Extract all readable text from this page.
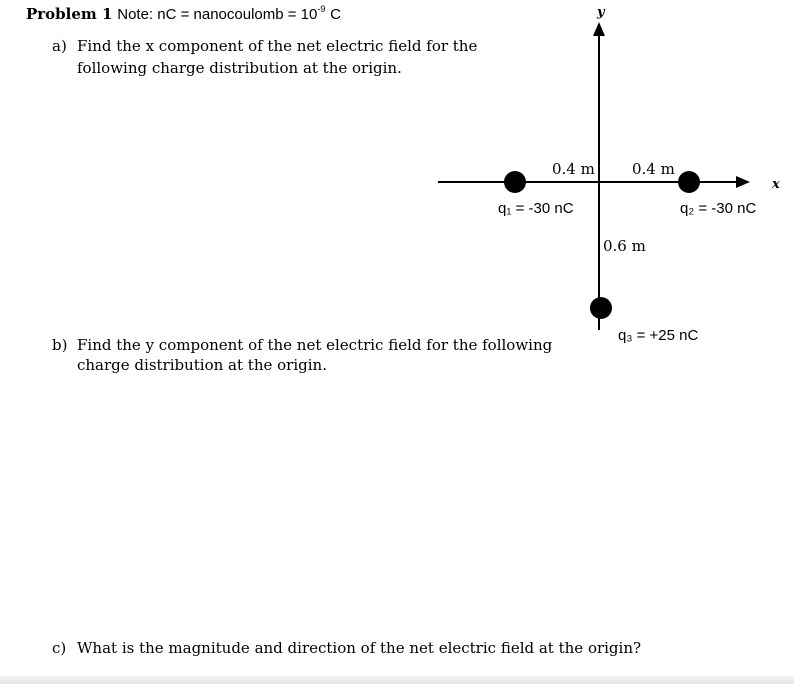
Problem 1 Note: nC = nanocoulomb = $10^{-9}$ C
a) Find the x component of the net electric field for the
following charge distribution at the origin.
b) Find the y component of the net electric field for the following
charge distribution at the origin.
c) What is the magnitude and direction of the net electric field at the origin?
y
x
0.4 m 0.4 m
0.6 m
q₁ = -30 nC	q₂ = -30 nC
q₃ = +25 nC
